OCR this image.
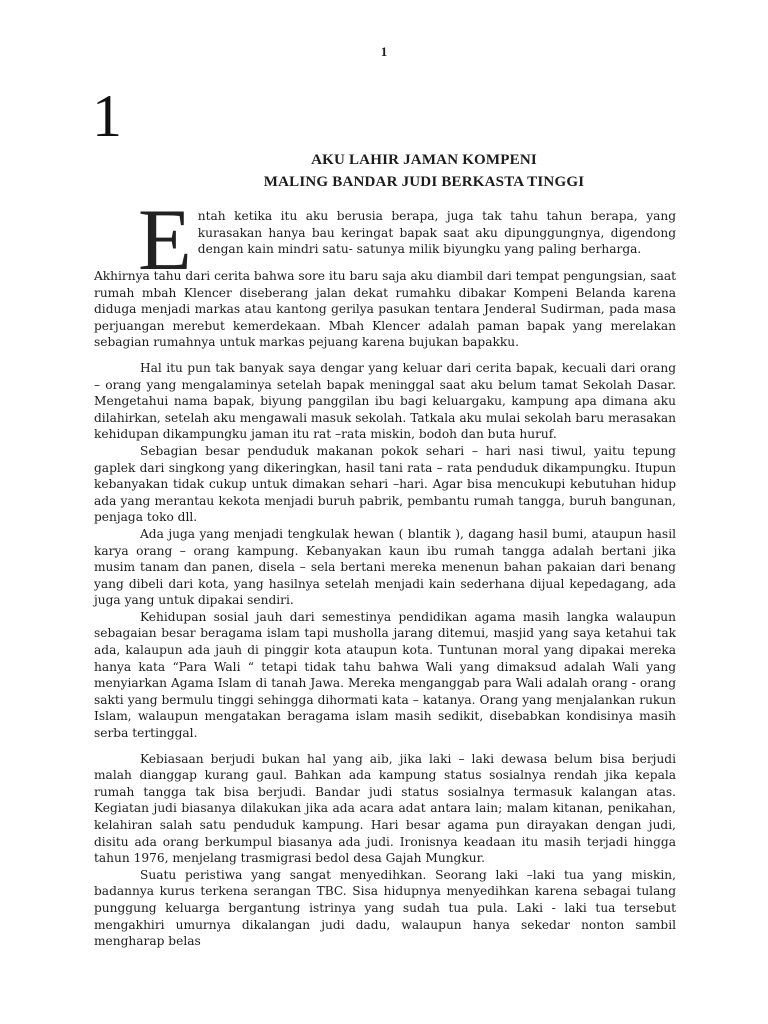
1
1
AKU LAHIR JAMAN KOMPENI
MALING BANDAR JUDI BERKASTA TINGGI
E ntah ketika itu aku berusia berapa, juga tak tahu tahun berapa, yang kurasakan hanya bau keringat bapak saat aku dipunggungnya, digendong dengan kain mindri satu- satunya milik biyungku yang paling berharga.

Akhirnya tahu dari cerita bahwa sore itu baru saja aku diambil dari tempat pengungsian, saat rumah mbah Klencer diseberang jalan dekat rumahku dibakar Kompeni Belanda karena diduga menjadi markas atau kantong gerilya pasukan tentara Jenderal Sudirman, pada masa perjuangan merebut kemerdekaan. Mbah Klencer adalah paman bapak yang merelakan sebagian rumahnya untuk markas pejuang karena bujukan bapakku.

Hal itu pun tak banyak saya dengar yang keluar dari cerita bapak, kecuali dari orang – orang yang mengalaminya setelah bapak meninggal saat aku belum tamat Sekolah Dasar. Mengetahui nama bapak, biyung panggilan ibu bagi keluargaku, kampung apa dimana aku dilahirkan, setelah aku mengawali masuk sekolah. Tatkala aku mulai sekolah baru merasakan kehidupan dikampungku jaman itu rat –rata miskin, bodoh dan buta huruf.

Sebagian besar penduduk makanan pokok sehari – hari nasi tiwul, yaitu tepung gaplek dari singkong yang dikeringkan, hasil tani rata – rata penduduk dikampungku. Itupun kebanyakan tidak cukup untuk dimakan sehari –hari. Agar bisa mencukupi kebutuhan hidup ada yang merantau kekota menjadi buruh pabrik, pembantu rumah tangga, buruh bangunan, penjaga toko dll.

Ada juga yang menjadi tengkulak hewan ( blantik ), dagang hasil bumi, ataupun hasil karya orang – orang kampung. Kebanyakan kaun ibu rumah tangga adalah bertani jika musim tanam dan panen, disela – sela bertani mereka menenun bahan pakaian dari benang yang dibeli dari kota, yang hasilnya setelah menjadi kain sederhana dijual kepedagang, ada juga yang untuk dipakai sendiri.

Kehidupan sosial jauh dari semestinya pendidikan agama masih langka walaupun sebagaian besar beragama islam tapi musholla jarang ditemui, masjid yang saya ketahui tak ada, kalaupun ada jauh di pinggir kota ataupun kota. Tuntunan moral yang dipakai mereka hanya kata “Para Wali “ tetapi tidak tahu bahwa Wali yang dimaksud adalah Wali yang menyiarkan Agama Islam di tanah Jawa. Mereka menganggab para Wali adalah orang - orang sakti yang bermulu tinggi sehingga dihormati kata – katanya. Orang yang menjalankan rukun Islam, walaupun mengatakan beragama islam masih sedikit, disebabkan kondisinya masih serba tertinggal.

Kebiasaan berjudi bukan hal yang aib, jika laki – laki dewasa belum bisa berjudi malah dianggap kurang gaul. Bahkan ada kampung status sosialnya rendah jika kepala rumah tangga tak bisa berjudi. Bandar judi status sosialnya termasuk kalangan atas. Kegiatan judi biasanya dilakukan jika ada acara adat antara lain; malam kitanan, penikahan, kelahiran salah satu penduduk kampung. Hari besar agama pun dirayakan dengan judi, disitu ada orang berkumpul biasanya ada judi. Ironisnya keadaan itu masih terjadi hingga tahun 1976, menjelang trasmigrasi bedol desa Gajah Mungkur.

Suatu peristiwa yang sangat menyedihkan. Seorang laki –laki tua yang miskin, badannya kurus terkena serangan TBC. Sisa hidupnya menyedihkan karena sebagai tulang punggung keluarga bergantung istrinya yang sudah tua pula. Laki - laki tua tersebut mengakhiri umurnya dikalangan judi dadu, walaupun hanya sekedar nonton sambil mengharap belas
